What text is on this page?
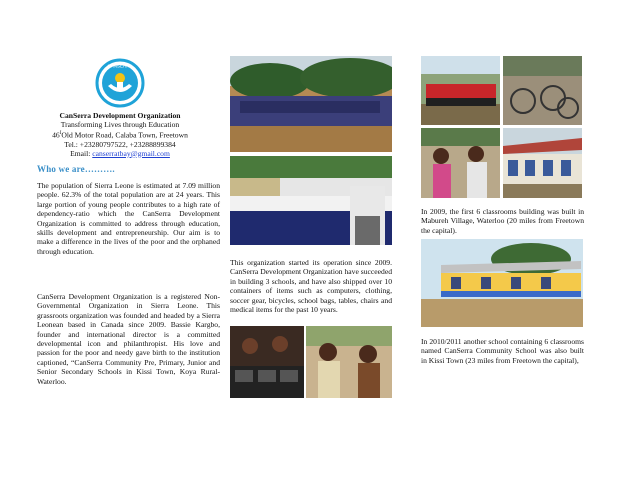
CANSERRA
CanSerra Development Organization
Transforming Lives through Education
$46^IOld$ Motor Road, Calaba Town, Freetown
Tel.: +23280797522, +23288899384
Email: canserratbay@gmail.com
Who we are……….
The population of Sierra Leone is estimated at 7.09 million people. 62.3% of the total population are at 24 years. This large portion of young people contributes to a high rate of dependency-ratio which the CanSerra Development Organization is committed to address through education, skills development and entrepreneurship. Our aim is to make a difference in the lives of the poor and the orphaned through education.
CanSerra Development Organization is a registered Non-Governmental Organization in Sierra Leone. This grassroots organization was founded and headed by a Sierra Leonean based in Canada since 2009. Bassie Kargbo, founder and international director is a committed developmental icon and philanthropist. His love and passion for the poor and needy gave birth to the institution captioned, “CanSerra Community Pre, Primary, Junior and Senior Secondary Schools in Kissi Town, Koya Rural-Waterloo.
This organization started its operation since 2009. CanSerra Development Organization have succeeded in building 3 schools, and have also shipped over 10 containers of items such as computers, clothing, soccer gear, bicycles, school bags, tables, chairs and medical items for the past 10 years.
In 2009, the first 6 classrooms building was built in Mabureh Village, Waterloo (20 miles from Freetown the capital).
In 2010/2011 another school containing 6 classrooms named CanSerra Community School was also built in Kissi Town (23 miles from Freetown the capital),
